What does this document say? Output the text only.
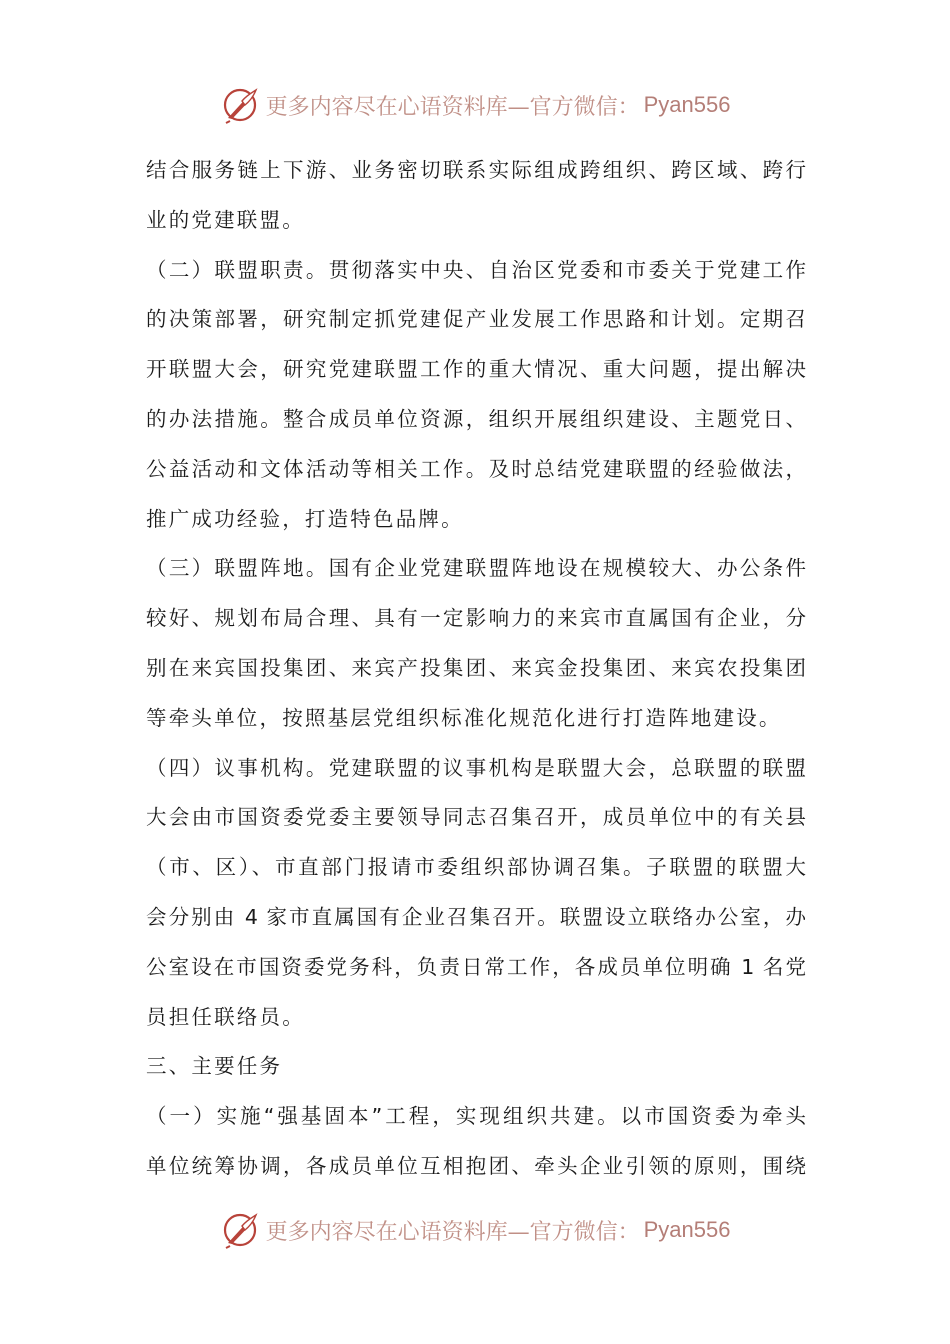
更多内容尽在心语资料库—官方微信： Pyan556
结合服务链上下游、业务密切联系实际组成跨组织、跨区域、跨行
业的党建联盟。
（二）联盟职责。贯彻落实中央、自治区党委和市委关于党建工作
的决策部署，研究制定抓党建促产业发展工作思路和计划。定期召
开联盟大会，研究党建联盟工作的重大情况、重大问题，提出解决
的办法措施。整合成员单位资源，组织开展组织建设、主题党日、
公益活动和文体活动等相关工作。及时总结党建联盟的经验做法，
推广成功经验，打造特色品牌。
（三）联盟阵地。国有企业党建联盟阵地设在规模较大、办公条件
较好、规划布局合理、具有一定影响力的来宾市直属国有企业，分
别在来宾国投集团、来宾产投集团、来宾金投集团、来宾农投集团
等牵头单位，按照基层党组织标准化规范化进行打造阵地建设。
（四）议事机构。党建联盟的议事机构是联盟大会，总联盟的联盟
大会由市国资委党委主要领导同志召集召开，成员单位中的有关县
（市、区）、市直部门报请市委组织部协调召集。子联盟的联盟大
会分别由 4 家市直属国有企业召集召开。联盟设立联络办公室，办
公室设在市国资委党务科，负责日常工作，各成员单位明确 1 名党
员担任联络员。
三、主要任务
（一）实施“强基固本”工程，实现组织共建。以市国资委为牵头
单位统筹协调，各成员单位互相抱团、牵头企业引领的原则，围绕
更多内容尽在心语资料库—官方微信： Pyan556
